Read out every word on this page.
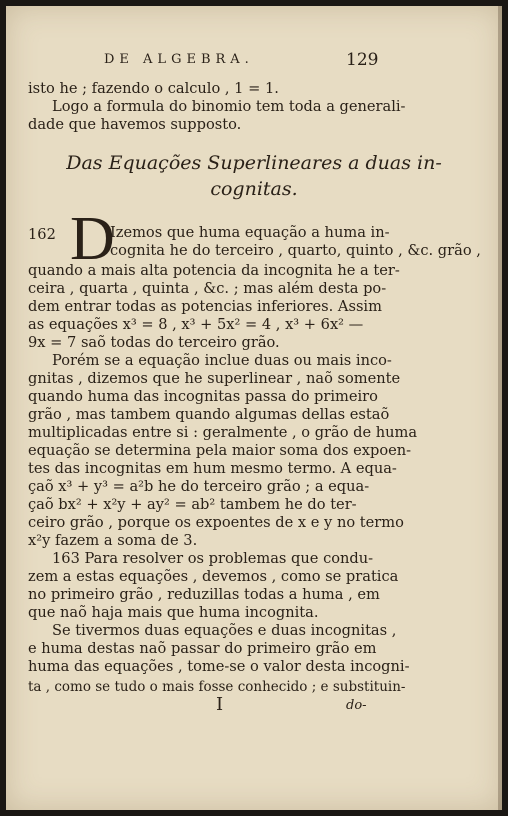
DE ALGEBRA.	129
isto he ; fazendo o calculo , 1 = 1.
Logo a formula do binomio tem toda a generali-
dade que havemos supposto.
Das Equações Superlineares a duas in-
cognitas.
162 D
Izemos que huma equação a huma in-
cognita he do terceiro , quarto, quinto , &c. grão ,
quando a mais alta potencia da incognita he a ter-
ceira , quarta , quinta , &c. ; mas além desta po-
dem entrar todas as potencias inferiores. Assim
as equações x³ = 8 , x³ + 5x² = 4 , x³ + 6x² —
9x = 7 saõ todas do terceiro grão.
Porém se a equação inclue duas ou mais inco-
gnitas , dizemos que he superlinear , naõ somente
quando huma das incognitas passa do primeiro
grão , mas tambem quando algumas dellas estaõ
multiplicadas entre si : geralmente , o grão de huma
equação se determina pela maior soma dos expoen-
tes das incognitas em hum mesmo termo. A equa-
çaõ x³ + y³ = a²b he do terceiro grão ; a equa-
çaõ bx² + x²y + ay² = ab² tambem he do ter-
ceiro grão , porque os expoentes de x e y no termo
x²y fazem a soma de 3.
163 Para resolver os problemas que condu-
zem a estas equações , devemos , como se pratica
no primeiro grão , reduzillas todas a huma , em
que naõ haja mais que huma incognita.
Se tivermos duas equações e duas incognitas ,
e huma destas naõ passar do primeiro grão em
huma das equações , tome-se o valor desta incogni-
ta , como se tudo o mais fosse conhecido ; e substituin-
I	do-
